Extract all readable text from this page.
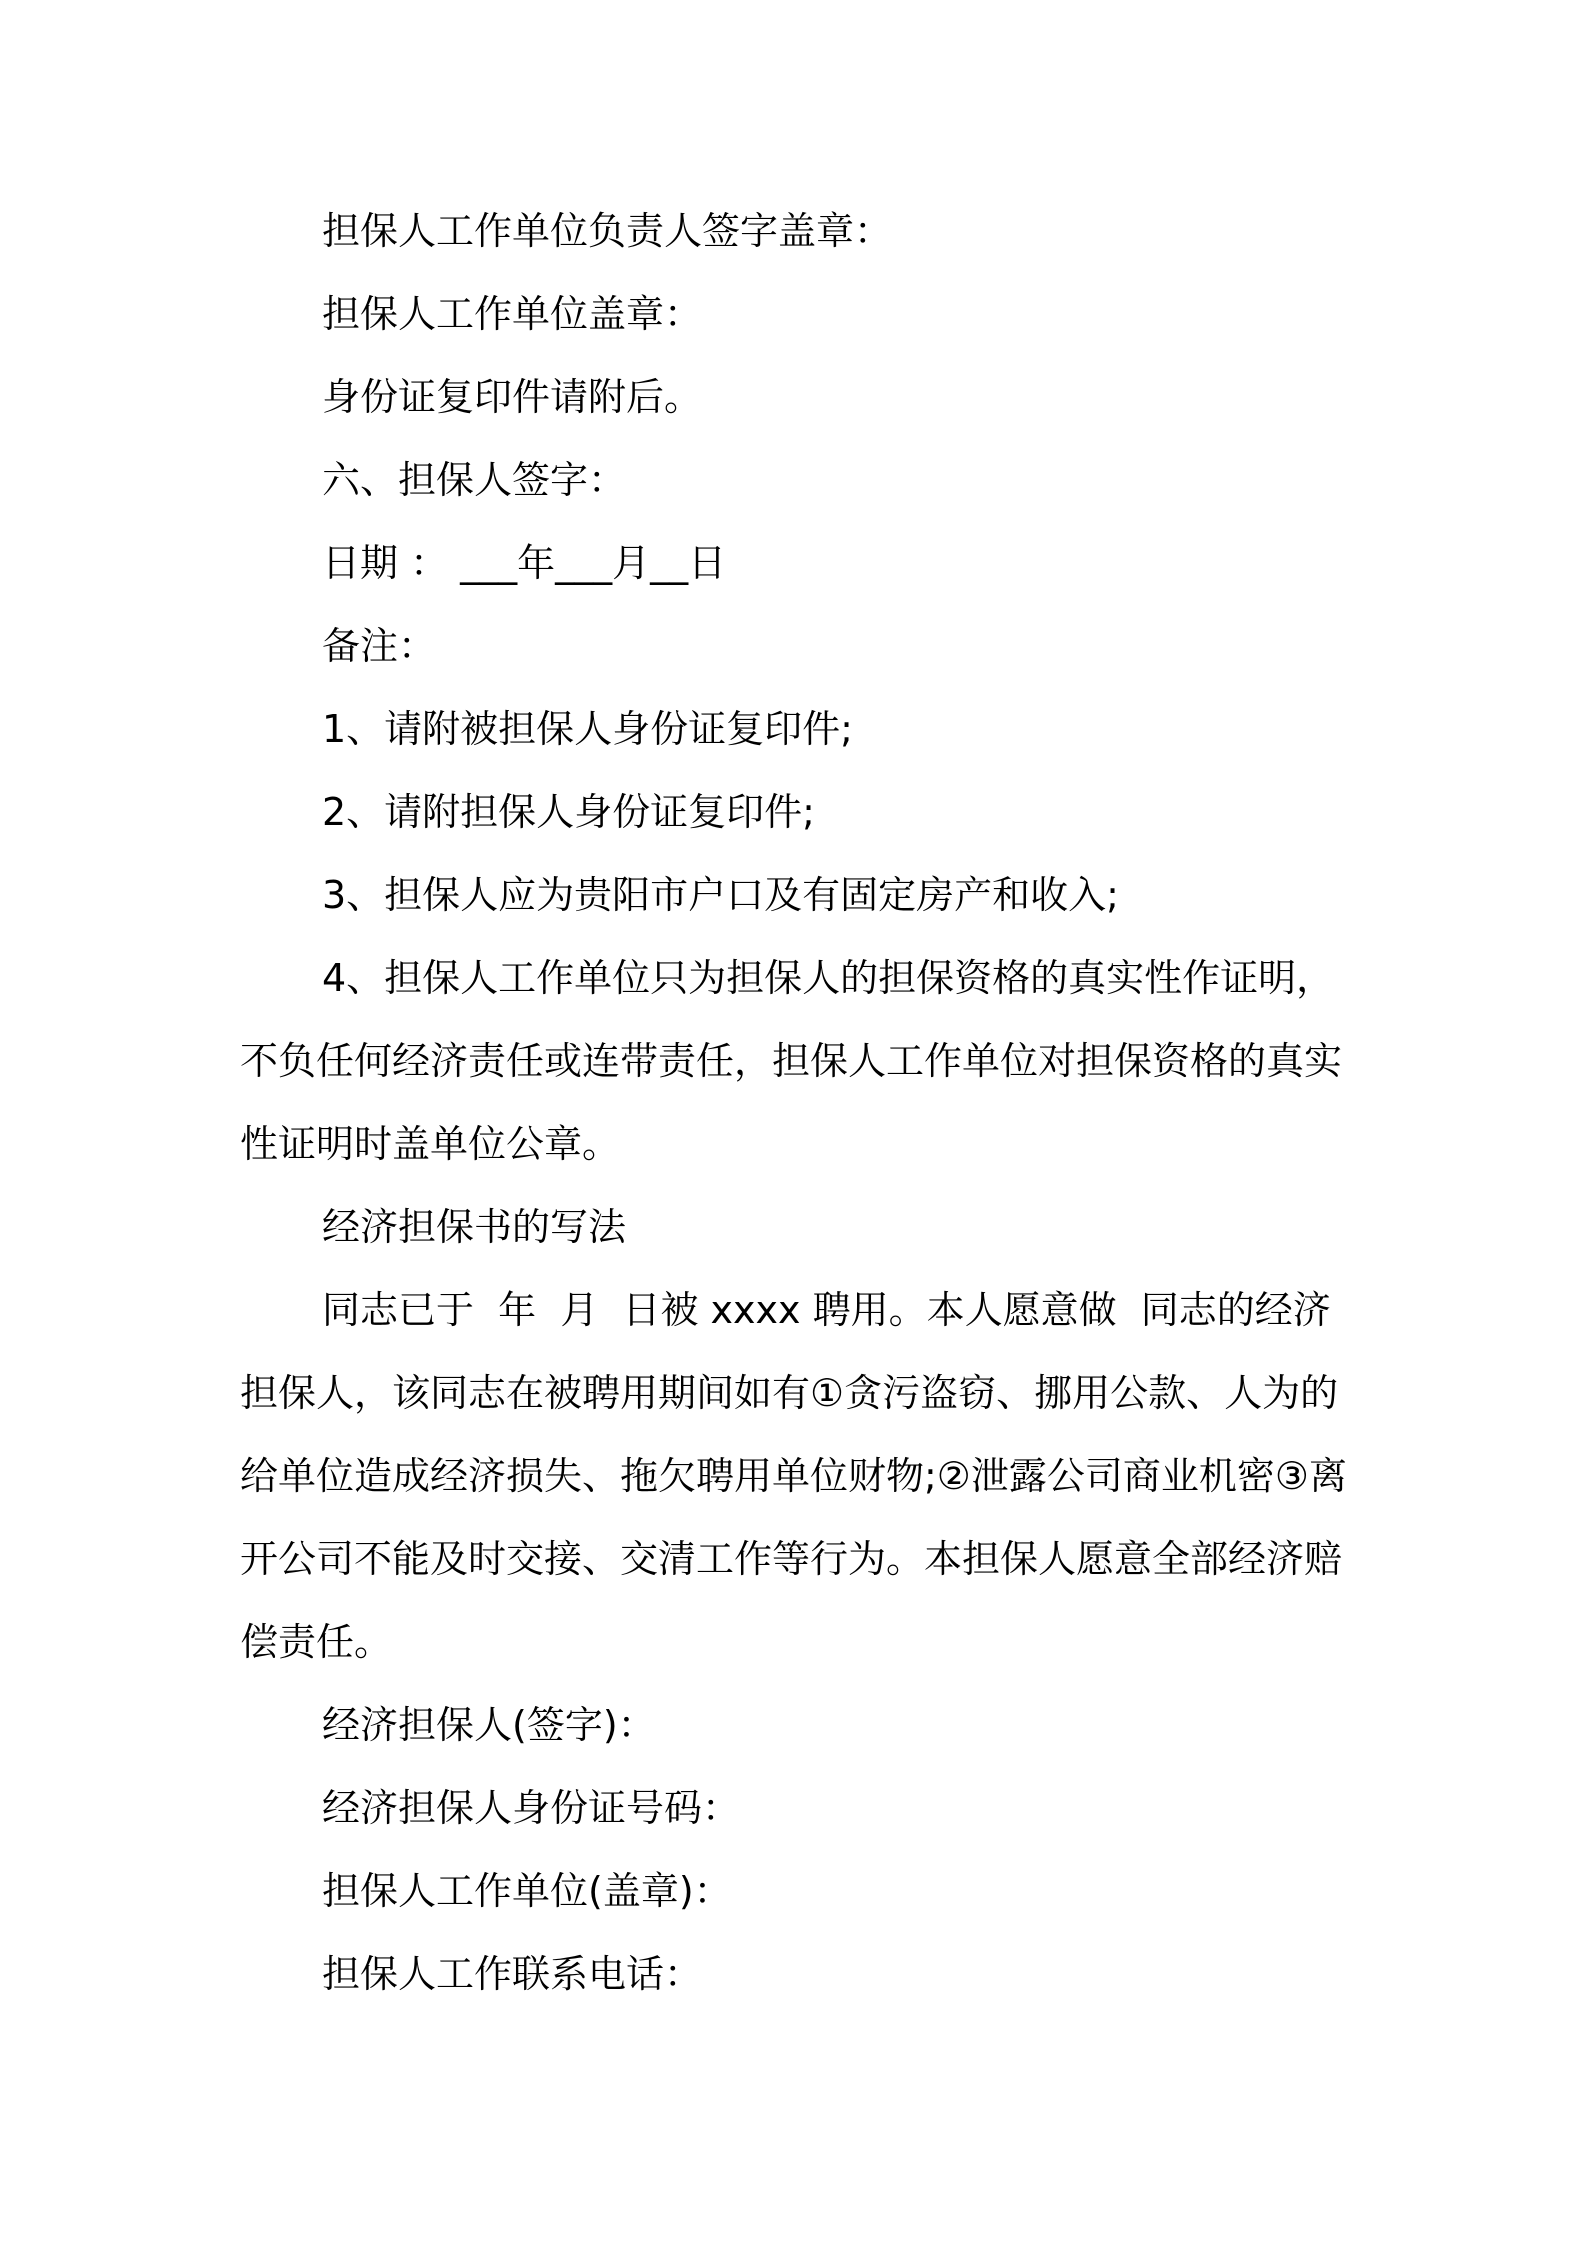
担保人工作单位负责人签字盖章：

担保人工作单位盖章：

身份证复印件请附后。

六、担保人签字：

日期 ： ___年___月__日

备注：

1、请附被担保人身份证复印件;

2、请附担保人身份证复印件;

3、担保人应为贵阳市户口及有固定房产和收入;

4、担保人工作单位只为担保人的担保资格的真实性作证明，不负任何经济责任或连带责任，担保人工作单位对担保资格的真实性证明时盖单位公章。

经济担保书的写法

同志已于  年  月  日被 xxxx 聘用。本人愿意做  同志的经济担保人，该同志在被聘用期间如有①贪污盗窃、挪用公款、人为的给单位造成经济损失、拖欠聘用单位财物;②泄露公司商业机密③离开公司不能及时交接、交清工作等行为。本担保人愿意全部经济赔偿责任。

经济担保人(签字)：

经济担保人身份证号码：

担保人工作单位(盖章)：

担保人工作联系电话：
